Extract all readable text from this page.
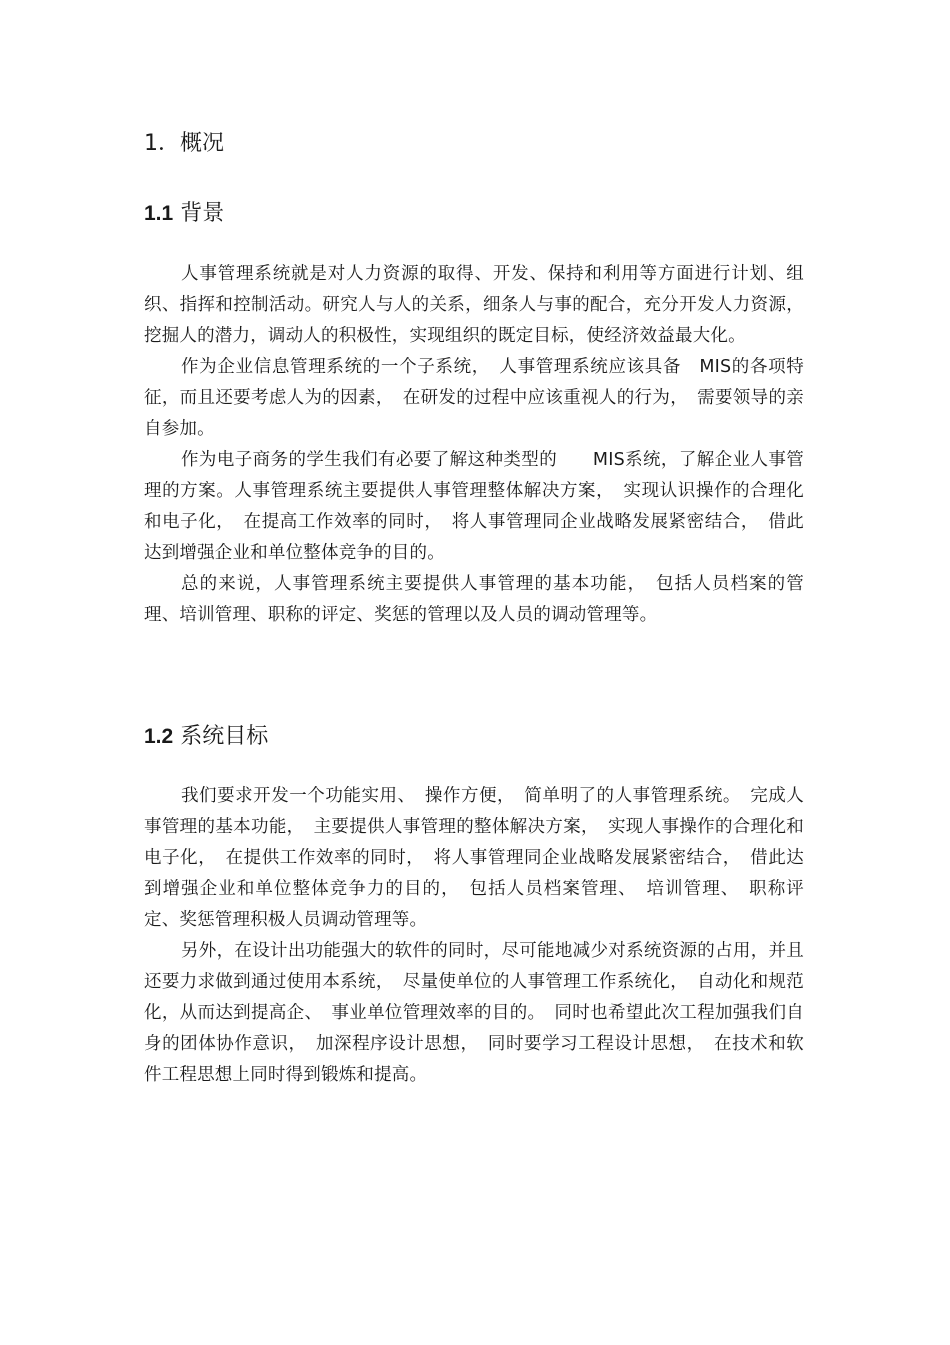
1．概况
1.1 背景

人事管理系统就是对人力资源的取得、开发、保持和利用等方面进行计划、组织、指挥和控制活动。研究人与人的关系，细条人与事的配合，充分开发人力资源，挖掘人的潜力，调动人的积极性，实现组织的既定目标，使经济效益最大化。

作为企业信息管理系统的一个子系统，　人事管理系统应该具备　MIS的各项特征，而且还要考虑人为的因素，　在研发的过程中应该重视人的行为，　需要领导的亲自参加。

作为电子商务的学生我们有必要了解这种类型的　　MIS系统，了解企业人事管理的方案。人事管理系统主要提供人事管理整体解决方案，　实现认识操作的合理化和电子化，　在提高工作效率的同时，　将人事管理同企业战略发展紧密结合，　借此达到增强企业和单位整体竞争的目的。

总的来说，人事管理系统主要提供人事管理的基本功能，　包括人员档案的管理、培训管理、职称的评定、奖惩的管理以及人员的调动管理等。

1.2 系统目标

我们要求开发一个功能实用、　操作方便，　简单明了的人事管理系统。　完成人事管理的基本功能，　主要提供人事管理的整体解决方案，　实现人事操作的合理化和电子化，　在提供工作效率的同时，　将人事管理同企业战略发展紧密结合，　借此达到增强企业和单位整体竞争力的目的，　包括人员档案管理、　培训管理、　职称评定、奖惩管理积极人员调动管理等。

另外，在设计出功能强大的软件的同时，尽可能地减少对系统资源的占用，并且还要力求做到通过使用本系统，　尽量使单位的人事管理工作系统化，　自动化和规范化，从而达到提高企、　事业单位管理效率的目的。　同时也希望此次工程加强我们自身的团体协作意识，　加深程序设计思想，　同时要学习工程设计思想，　在技术和软件工程思想上同时得到锻炼和提高。
